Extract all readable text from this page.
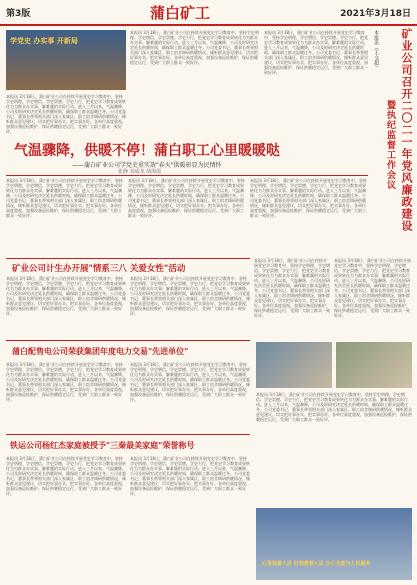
第3版	蒲白矿工	2021年3月18日
学党史 办实事 开新局
本报讯 3月18日，蒲白矿业公司在持续开展党史学习教育中，坚持学史明理、学史增信、学史崇德、学史力行，把党史学习教育成果转化为为群众办实事、解难题的实际行动。进入三月以来，气温骤降，公司及时研究决定延长供暖时间，确保职工群众温暖过冬。公司党委书记、董事长带领相关部门深入家属区、职工宿舍调研供暖情况，倾听群众意见建议，切实把好事办实、把实事办好。各单位高度重视，加强设备巡检维护，保证供暖稳定运行，受到广大职工群众一致好评。
本报讯 3月18日，蒲白矿业公司在持续开展党史学习教育中，坚持学史明理、学史增信、学史崇德、学史力行，把党史学习教育成果转化为为群众办实事、解难题的实际行动。进入三月以来，气温骤降，公司及时研究决定延长供暖时间，确保职工群众温暖过冬。公司党委书记、董事长带领相关部门深入家属区、职工宿舍调研供暖情况，倾听群众意见建议，切实把好事办实、把实事办好。各单位高度重视，加强设备巡检维护，保证供暖稳定运行，受到广大职工群众一致好评。
本报讯 3月18日，蒲白矿业公司在持续开展党史学习教育中，坚持学史明理、学史增信、学史崇德、学史力行，把党史学习教育成果转化为为群众办实事、解难题的实际行动。进入三月以来，气温骤降，公司及时研究决定延长供暖时间，确保职工群众温暖过冬。公司党委书记、董事长带领相关部门深入家属区、职工宿舍调研供暖情况，倾听群众意见建议，切实把好事办实、把实事办好。各单位高度重视，加强设备巡检维护，保证供暖稳定运行，受到广大职工群众一致好评。
气温骤降，供暖不停！蒲白职工心里暖暖哒
——蒲白矿业公司学党史重实效"春天"供暖彰显为民情怀
张静 刘成龙 胡海霞
本报讯 3月18日，蒲白矿业公司在持续开展党史学习教育中，坚持学史明理、学史增信、学史崇德、学史力行，把党史学习教育成果转化为为群众办实事、解难题的实际行动。进入三月以来，气温骤降，公司及时研究决定延长供暖时间，确保职工群众温暖过冬。公司党委书记、董事长带领相关部门深入家属区、职工宿舍调研供暖情况，倾听群众意见建议，切实把好事办实、把实事办好。各单位高度重视，加强设备巡检维护，保证供暖稳定运行，受到广大职工群众一致好评。
本报讯 3月18日，蒲白矿业公司在持续开展党史学习教育中，坚持学史明理、学史增信、学史崇德、学史力行，把党史学习教育成果转化为为群众办实事、解难题的实际行动。进入三月以来，气温骤降，公司及时研究决定延长供暖时间，确保职工群众温暖过冬。公司党委书记、董事长带领相关部门深入家属区、职工宿舍调研供暖情况，倾听群众意见建议，切实把好事办实、把实事办好。各单位高度重视，加强设备巡检维护，保证供暖稳定运行，受到广大职工群众一致好评。
本报讯 3月18日，蒲白矿业公司在持续开展党史学习教育中，坚持学史明理、学史增信、学史崇德、学史力行，把党史学习教育成果转化为为群众办实事、解难题的实际行动。进入三月以来，气温骤降，公司及时研究决定延长供暖时间，确保职工群众温暖过冬。公司党委书记、董事长带领相关部门深入家属区、职工宿舍调研供暖情况，倾听群众意见建议，切实把好事办实、把实事办好。各单位高度重视，加强设备巡检维护，保证供暖稳定运行，受到广大职工群众一致好评。
矿业公司计生办开展"情系三八 关爱女性"活动
本报讯 3月18日，蒲白矿业公司在持续开展党史学习教育中，坚持学史明理、学史增信、学史崇德、学史力行，把党史学习教育成果转化为为群众办实事、解难题的实际行动。进入三月以来，气温骤降，公司及时研究决定延长供暖时间，确保职工群众温暖过冬。公司党委书记、董事长带领相关部门深入家属区、职工宿舍调研供暖情况，倾听群众意见建议，切实把好事办实、把实事办好。各单位高度重视，加强设备巡检维护，保证供暖稳定运行，受到广大职工群众一致好评。
本报讯 3月18日，蒲白矿业公司在持续开展党史学习教育中，坚持学史明理、学史增信、学史崇德、学史力行，把党史学习教育成果转化为为群众办实事、解难题的实际行动。进入三月以来，气温骤降，公司及时研究决定延长供暖时间，确保职工群众温暖过冬。公司党委书记、董事长带领相关部门深入家属区、职工宿舍调研供暖情况，倾听群众意见建议，切实把好事办实、把实事办好。各单位高度重视，加强设备巡检维护，保证供暖稳定运行，受到广大职工群众一致好评。
蒲白配售电公司荣获集团年度电力交易"先进单位"
本报讯 3月18日，蒲白矿业公司在持续开展党史学习教育中，坚持学史明理、学史增信、学史崇德、学史力行，把党史学习教育成果转化为为群众办实事、解难题的实际行动。进入三月以来，气温骤降，公司及时研究决定延长供暖时间，确保职工群众温暖过冬。公司党委书记、董事长带领相关部门深入家属区、职工宿舍调研供暖情况，倾听群众意见建议，切实把好事办实、把实事办好。各单位高度重视，加强设备巡检维护，保证供暖稳定运行，受到广大职工群众一致好评。
本报讯 3月18日，蒲白矿业公司在持续开展党史学习教育中，坚持学史明理、学史增信、学史崇德、学史力行，把党史学习教育成果转化为为群众办实事、解难题的实际行动。进入三月以来，气温骤降，公司及时研究决定延长供暖时间，确保职工群众温暖过冬。公司党委书记、董事长带领相关部门深入家属区、职工宿舍调研供暖情况，倾听群众意见建议，切实把好事办实、把实事办好。各单位高度重视，加强设备巡检维护，保证供暖稳定运行，受到广大职工群众一致好评。
铁运公司杨红杰家庭被授予"三秦最美家庭"荣誉称号
本报讯 3月18日，蒲白矿业公司在持续开展党史学习教育中，坚持学史明理、学史增信、学史崇德、学史力行，把党史学习教育成果转化为为群众办实事、解难题的实际行动。进入三月以来，气温骤降，公司及时研究决定延长供暖时间，确保职工群众温暖过冬。公司党委书记、董事长带领相关部门深入家属区、职工宿舍调研供暖情况，倾听群众意见建议，切实把好事办实、把实事办好。各单位高度重视，加强设备巡检维护，保证供暖稳定运行，受到广大职工群众一致好评。
本报讯 3月18日，蒲白矿业公司在持续开展党史学习教育中，坚持学史明理、学史增信、学史崇德、学史力行，把党史学习教育成果转化为为群众办实事、解难题的实际行动。进入三月以来，气温骤降，公司及时研究决定延长供暖时间，确保职工群众温暖过冬。公司党委书记、董事长带领相关部门深入家属区、职工宿舍调研供暖情况，倾听群众意见建议，切实把好事办实、把实事办好。各单位高度重视，加强设备巡检维护，保证供暖稳定运行，受到广大职工群众一致好评。
矿业公司召开二〇二一年党风廉政建设
暨执纪监督工作会议
本报讯（王文超）
本报讯 3月18日，蒲白矿业公司在持续开展党史学习教育中，坚持学史明理、学史增信、学史崇德、学史力行，把党史学习教育成果转化为为群众办实事、解难题的实际行动。进入三月以来，气温骤降，公司及时研究决定延长供暖时间，确保职工群众温暖过冬。公司党委书记、董事长带领相关部门深入家属区、职工宿舍调研供暖情况，倾听群众意见建议，切实把好事办实、把实事办好。各单位高度重视，加强设备巡检维护，保证供暖稳定运行，受到广大职工群众一致好评。
本报讯 3月18日，蒲白矿业公司在持续开展党史学习教育中，坚持学史明理、学史增信、学史崇德、学史力行，把党史学习教育成果转化为为群众办实事、解难题的实际行动。进入三月以来，气温骤降，公司及时研究决定延长供暖时间，确保职工群众温暖过冬。公司党委书记、董事长带领相关部门深入家属区、职工宿舍调研供暖情况，倾听群众意见建议，切实把好事办实、把实事办好。各单位高度重视，加强设备巡检维护，保证供暖稳定运行，受到广大职工群众一致好评。
本报讯 3月18日，蒲白矿业公司在持续开展党史学习教育中，坚持学史明理、学史增信、学史崇德、学史力行，把党史学习教育成果转化为为群众办实事、解难题的实际行动。进入三月以来，气温骤降，公司及时研究决定延长供暖时间，确保职工群众温暖过冬。公司党委书记、董事长带领相关部门深入家属区、职工宿舍调研供暖情况，倾听群众意见建议，切实把好事办实、把实事办好。各单位高度重视，加强设备巡检维护，保证供暖稳定运行，受到广大职工群众一致好评。
心里装着人民 时刻想着人民 全心全意为人民服务
